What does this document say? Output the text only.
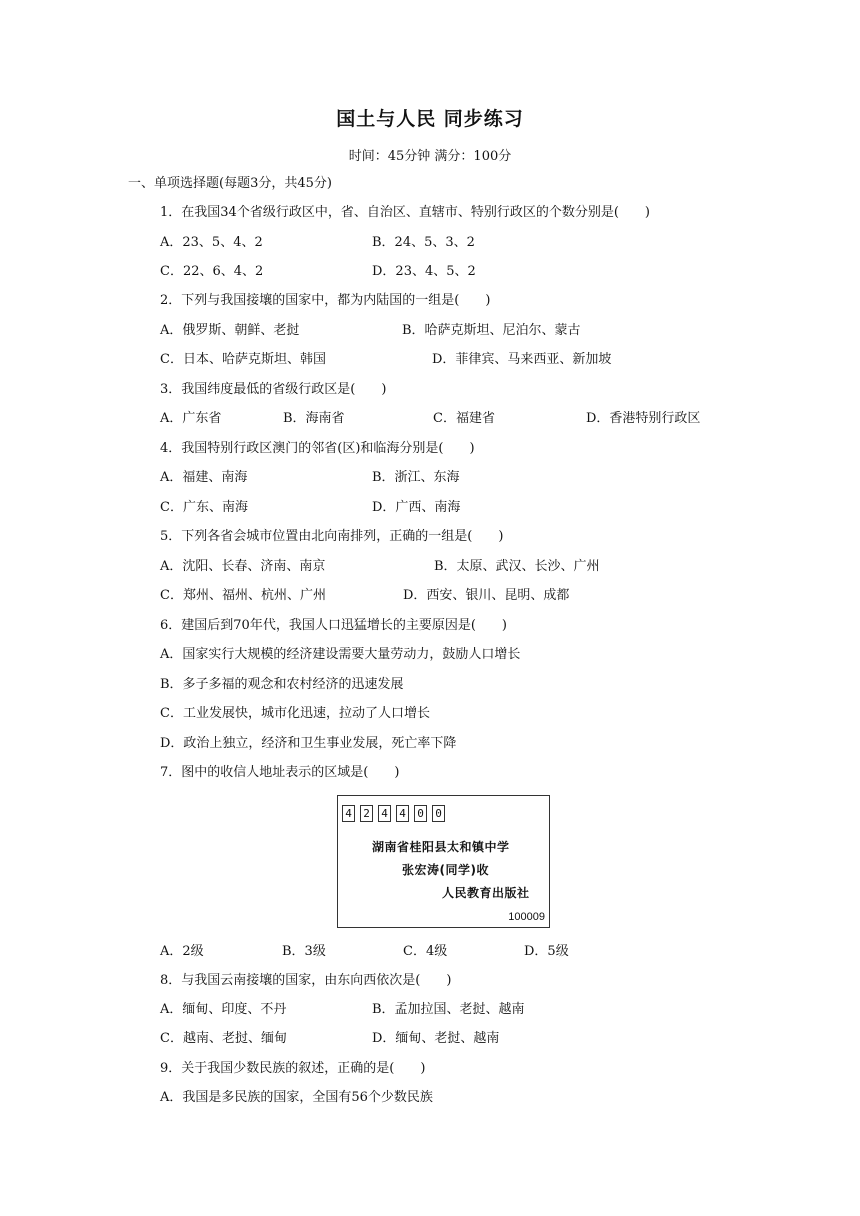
国土与人民 同步练习
时间：45分钟 满分：100分
一、单项选择题(每题3分，共45分)
1．在我国34个省级行政区中，省、自治区、直辖市、特别行政区的个数分别是(　　)
A．23、5、4、2	B．24、5、3、2
C．22、6、4、2	D．23、4、5、2
2．下列与我国接壤的国家中，都为内陆国的一组是(　　)
A．俄罗斯、朝鲜、老挝	B．哈萨克斯坦、尼泊尔、蒙古
C．日本、哈萨克斯坦、韩国	D．菲律宾、马来西亚、新加坡
3．我国纬度最低的省级行政区是(　　)
A．广东省	B．海南省	C．福建省	D．香港特别行政区
4．我国特别行政区澳门的邻省(区)和临海分别是(　　)
A．福建、南海	B．浙江、东海
C．广东、南海	D．广西、南海
5．下列各省会城市位置由北向南排列，正确的一组是(　　)
A．沈阳、长春、济南、南京	B．太原、武汉、长沙、广州
C．郑州、福州、杭州、广州	D．西安、银川、昆明、成都
6．建国后到70年代，我国人口迅猛增长的主要原因是(　　)
A．国家实行大规模的经济建设需要大量劳动力，鼓励人口增长
B．多子多福的观念和农村经济的迅速发展
C．工业发展快，城市化迅速，拉动了人口增长
D．政治上独立，经济和卫生事业发展，死亡率下降
7．图中的收信人地址表示的区域是(　　)
4 2 4 4 0 0
湖南省桂阳县太和镇中学
张宏涛(同学)收
人民教育出版社
100009
A．2级	B．3级	C．4级	D．5级
8．与我国云南接壤的国家，由东向西依次是(　　)
A．缅甸、印度、不丹	B．孟加拉国、老挝、越南
C．越南、老挝、缅甸	D．缅甸、老挝、越南
9．关于我国少数民族的叙述，正确的是(　　)
A．我国是多民族的国家，全国有56个少数民族
